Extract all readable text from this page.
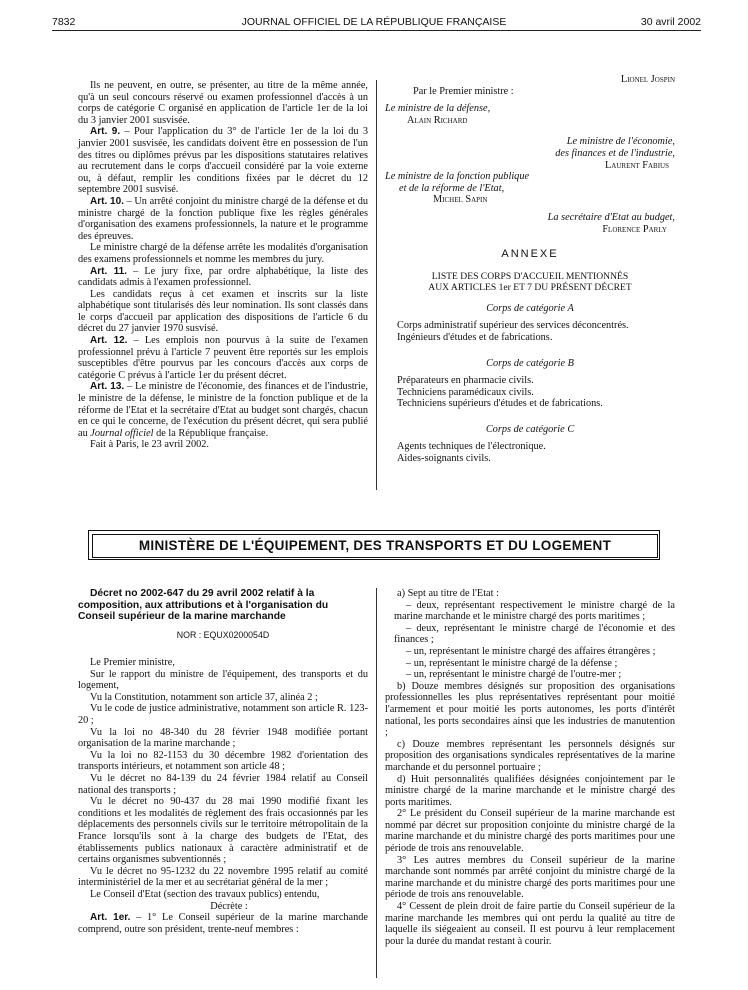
JOURNAL OFFICIEL DE LA RÉPUBLIQUE FRANÇAISE
7832	30 avril 2002

Ils ne peuvent, en outre, se présenter, au titre de la même année, qu'à un seul concours réservé ou examen professionnel d'accès à un corps de catégorie C organisé en application de l'article 1er de la loi du 3 janvier 2001 susvisée.

Art. 9. – Pour l'application du 3° de l'article 1er de la loi du 3 janvier 2001 susvisée, les candidats doivent être en possession de l'un des titres ou diplômes prévus par les dispositions statutaires relatives au recrutement dans le corps d'accueil considéré par la voie externe ou, à défaut, remplir les conditions fixées par le décret du 12 septembre 2001 susvisé.

Art. 10. – Un arrêté conjoint du ministre chargé de la défense et du ministre chargé de la fonction publique fixe les règles générales d'organisation des examens professionnels, la nature et le programme des épreuves.

Le ministre chargé de la défense arrête les modalités d'organisation des examens professionnels et nomme les membres du jury.

Art. 11. – Le jury fixe, par ordre alphabétique, la liste des candidats admis à l'examen professionnel.

Les candidats reçus à cet examen et inscrits sur la liste alphabétique sont titularisés dès leur nomination. Ils sont classés dans le corps d'accueil par application des dispositions de l'article 6 du décret du 27 janvier 1970 susvisé.

Art. 12. – Les emplois non pourvus à la suite de l'examen professionnel prévu à l'article 7 peuvent être reportés sur les emplois susceptibles d'être pourvus par les concours d'accès aux corps de catégorie C prévus à l'article 1er du présent décret.

Art. 13. – Le ministre de l'économie, des finances et de l'industrie, le ministre de la défense, le ministre de la fonction publique et de la réforme de l'Etat et la secrétaire d'Etat au budget sont chargés, chacun en ce qui le concerne, de l'exécution du présent décret, qui sera publié au Journal officiel de la République française.

Fait à Paris, le 23 avril 2002.

Lionel Jospin

Par le Premier ministre :

Le ministre de la défense,

Alain Richard

Le ministre de l'économie,

des finances et de l'industrie,

Laurent Fabius

Le ministre de la fonction publique

et de la réforme de l'Etat,

Michel Sapin

La secrétaire d'Etat au budget,

Florence Parly

ANNEXE
LISTE DES CORPS D'ACCUEIL MENTIONNÉS
AUX ARTICLES 1er ET 7 DU PRÉSENT DÉCRET
Corps de catégorie A

Corps administratif supérieur des services déconcentrés.

Ingénieurs d'études et de fabrications.

Corps de catégorie B

Préparateurs en pharmacie civils.

Techniciens paramédicaux civils.

Techniciens supérieurs d'études et de fabrications.

Corps de catégorie C

Agents techniques de l'électronique.

Aides-soignants civils.

MINISTÈRE DE L'ÉQUIPEMENT, DES TRANSPORTS ET DU LOGEMENT

Décret no 2002-647 du 29 avril 2002 relatif à la composition, aux attributions et à l'organisation du Conseil supérieur de la marine marchande

NOR : EQUX0200054D

Le Premier ministre,

Sur le rapport du ministre de l'équipement, des transports et du logement,

Vu la Constitution, notamment son article 37, alinéa 2 ;

Vu le code de justice administrative, notamment son article R. 123-20 ;

Vu la loi no 48-340 du 28 février 1948 modifiée portant organisation de la marine marchande ;

Vu la loi no 82-1153 du 30 décembre 1982 d'orientation des transports intérieurs, et notamment son article 48 ;

Vu le décret no 84-139 du 24 février 1984 relatif au Conseil national des transports ;

Vu le décret no 90-437 du 28 mai 1990 modifié fixant les conditions et les modalités de règlement des frais occasionnés par les déplacements des personnels civils sur le territoire métropolitain de la France lorsqu'ils sont à la charge des budgets de l'Etat, des établissements publics nationaux à caractère administratif et de certains organismes subventionnés ;

Vu le décret no 95-1232 du 22 novembre 1995 relatif au comité interministériel de la mer et au secrétariat général de la mer ;

Le Conseil d'Etat (section des travaux publics) entendu,

Décrète :

Art. 1er. – 1° Le Conseil supérieur de la marine marchande comprend, outre son président, trente-neuf membres :

a) Sept au titre de l'Etat :

– deux, représentant respectivement le ministre chargé de la marine marchande et le ministre chargé des ports maritimes ;

– deux, représentant le ministre chargé de l'économie et des finances ;

– un, représentant le ministre chargé des affaires étrangères ;

– un, représentant le ministre chargé de la défense ;

– un, représentant le ministre chargé de l'outre-mer ;

b) Douze membres désignés sur proposition des organisations professionnelles les plus représentatives représentant pour moitié l'armement et pour moitié les ports autonomes, les ports d'intérêt national, les ports secondaires ainsi que les industries de manutention ;

c) Douze membres représentant les personnels désignés sur proposition des organisations syndicales représentatives de la marine marchande et du personnel portuaire ;

d) Huit personnalités qualifiées désignées conjointement par le ministre chargé de la marine marchande et le ministre chargé des ports maritimes.

2° Le président du Conseil supérieur de la marine marchande est nommé par décret sur proposition conjointe du ministre chargé de la marine marchande et du ministre chargé des ports maritimes pour une période de trois ans renouvelable.

3° Les autres membres du Conseil supérieur de la marine marchande sont nommés par arrêté conjoint du ministre chargé de la marine marchande et du ministre chargé des ports maritimes pour une période de trois ans renouvelable.

4° Cessent de plein droit de faire partie du Conseil supérieur de la marine marchande les membres qui ont perdu la qualité au titre de laquelle ils siégeaient au conseil. Il est pourvu à leur remplacement pour la durée du mandat restant à courir.
